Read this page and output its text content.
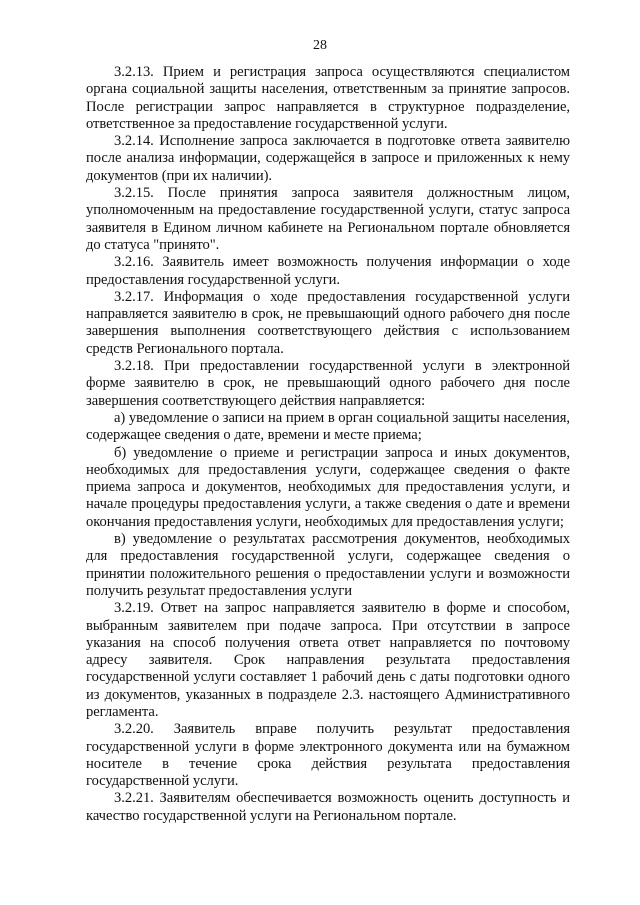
28

3.2.13. Прием и регистрация запроса осуществляются специалистом органа социальной защиты населения, ответственным за принятие запросов. После регистрации запрос направляется в структурное подразделение, ответственное за предоставление государственной услуги.

3.2.14. Исполнение запроса заключается в подготовке ответа заявителю после анализа информации, содержащейся в запросе и приложенных к нему документов (при их наличии).

3.2.15. После принятия запроса заявителя должностным лицом, уполномоченным на предоставление государственной услуги, статус запроса заявителя в Едином личном кабинете на Региональном портале обновляется до статуса "принято".

3.2.16. Заявитель имеет возможность получения информации о ходе предоставления государственной услуги.

3.2.17. Информация о ходе предоставления государственной услуги направляется заявителю в срок, не превышающий одного рабочего дня после завершения выполнения соответствующего действия с использованием средств Регионального портала.

3.2.18. При предоставлении государственной услуги в электронной форме заявителю в срок, не превышающий одного рабочего дня после завершения соответствующего действия направляется:

а) уведомление о записи на прием в орган социальной защиты населения, содержащее сведения о дате, времени и месте приема;

б) уведомление о приеме и регистрации запроса и иных документов, необходимых для предоставления услуги, содержащее сведения о факте приема запроса и документов, необходимых для предоставления услуги, и начале процедуры предоставления услуги, а также сведения о дате и времени окончания предоставления услуги, необходимых для предоставления услуги;

в) уведомление о результатах рассмотрения документов, необходимых для предоставления государственной услуги, содержащее сведения о принятии положительного решения о предоставлении услуги и возможности получить результат предоставления услуги

3.2.19. Ответ на запрос направляется заявителю в форме и способом, выбранным заявителем при подаче запроса. При отсутствии в запросе указания на способ получения ответа ответ направляется по почтовому адресу заявителя. Срок направления результата предоставления государственной услуги составляет 1 рабочий день с даты подготовки одного из документов, указанных в подразделе 2.3. настоящего Административного регламента.

3.2.20. Заявитель вправе получить результат предоставления государственной услуги в форме электронного документа или на бумажном носителе в течение срока действия результата предоставления государственной услуги.

3.2.21. Заявителям обеспечивается возможность оценить доступность и качество государственной услуги на Региональном портале.
